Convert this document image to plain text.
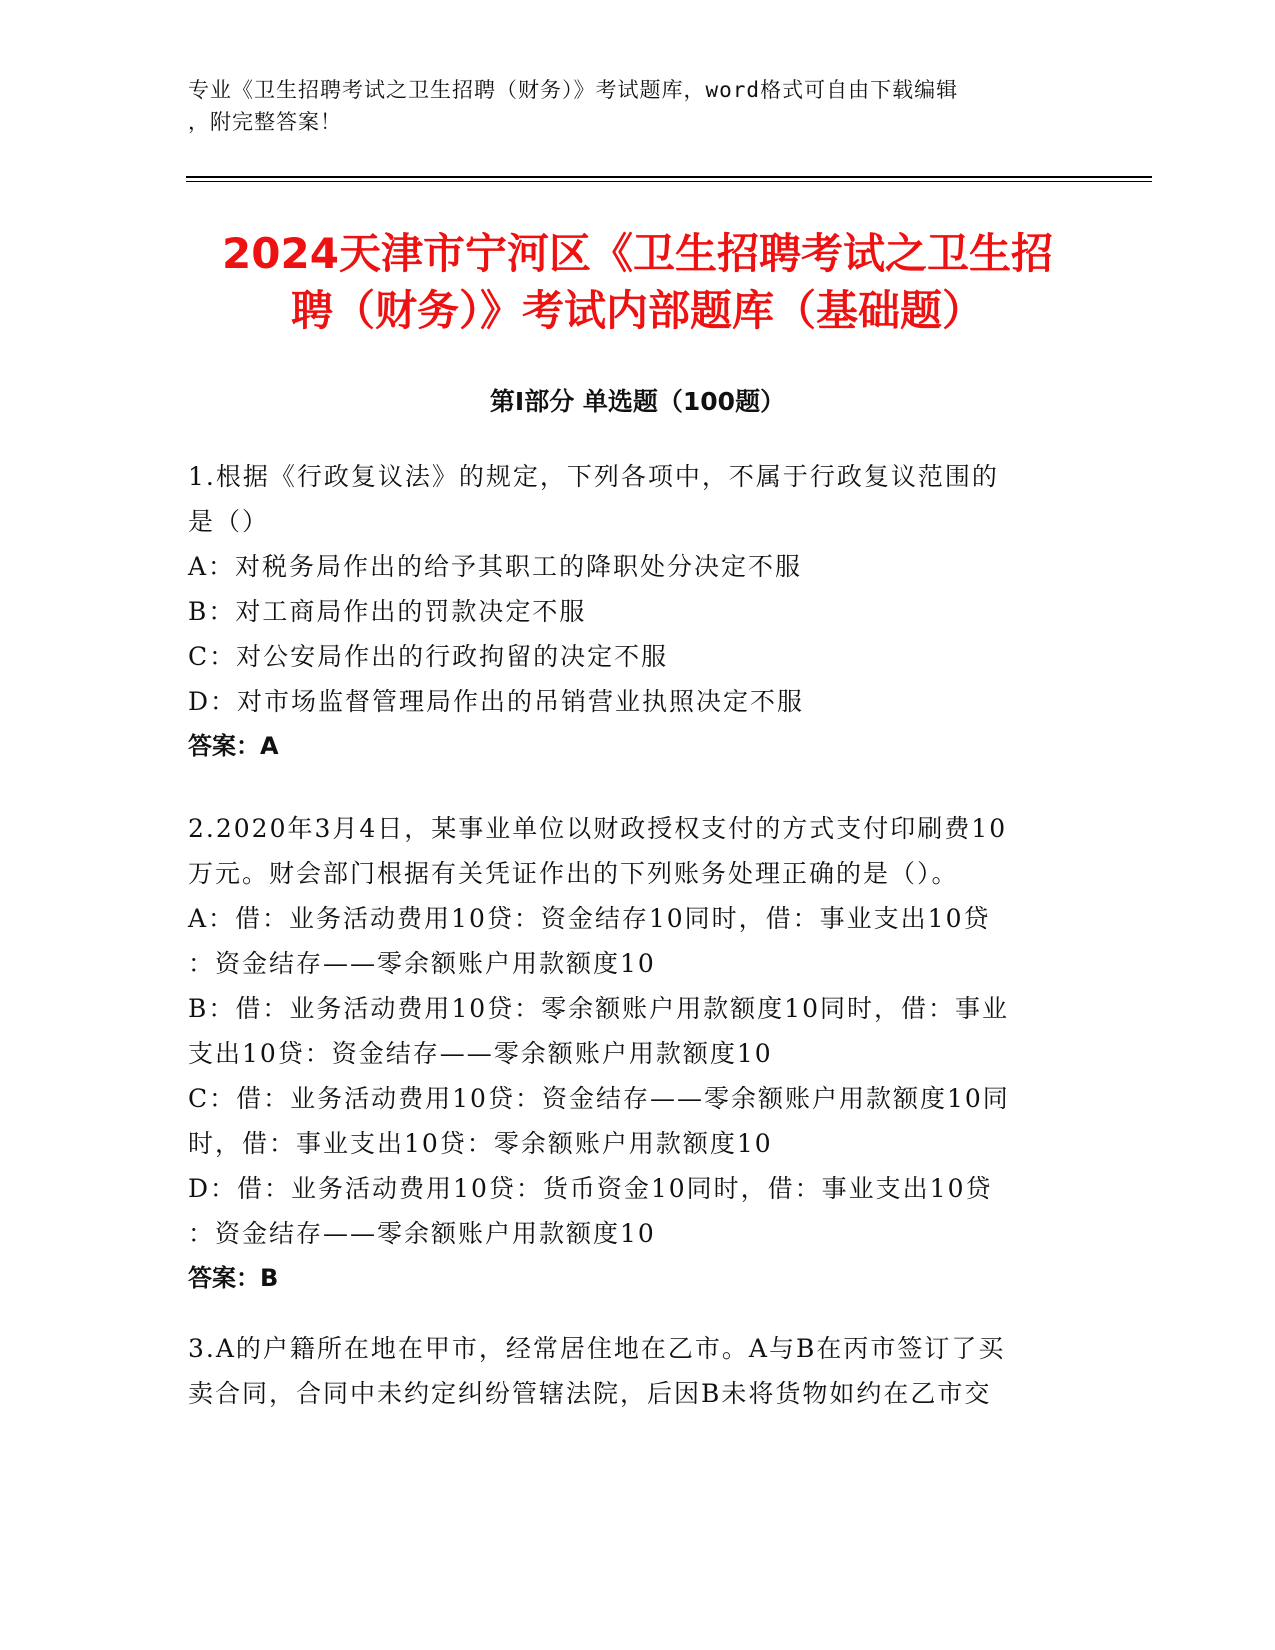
专业《卫生招聘考试之卫生招聘（财务）》考试题库，word格式可自由下载编辑
，附完整答案！
2024天津市宁河区《卫生招聘考试之卫生招
聘（财务）》考试内部题库（基础题）
第Ⅰ部分 单选题（100题）
1.根据《行政复议法》的规定，下列各项中，不属于行政复议范围的
是（）
A：对税务局作出的给予其职工的降职处分决定不服
B：对工商局作出的罚款决定不服
C：对公安局作出的行政拘留的决定不服
D：对市场监督管理局作出的吊销营业执照决定不服
答案：A
2.2020年3月4日，某事业单位以财政授权支付的方式支付印刷费10
万元。财会部门根据有关凭证作出的下列账务处理正确的是（）。
A：借：业务活动费用10贷：资金结存10同时，借：事业支出10贷
：资金结存——零余额账户用款额度10
B：借：业务活动费用10贷：零余额账户用款额度10同时，借：事业
支出10贷：资金结存——零余额账户用款额度10
C：借：业务活动费用10贷：资金结存——零余额账户用款额度10同
时，借：事业支出10贷：零余额账户用款额度10
D：借：业务活动费用10贷：货币资金10同时，借：事业支出10贷
：资金结存——零余额账户用款额度10
答案：B
3.A的户籍所在地在甲市，经常居住地在乙市。A与B在丙市签订了买
卖合同，合同中未约定纠纷管辖法院，后因B未将货物如约在乙市交
